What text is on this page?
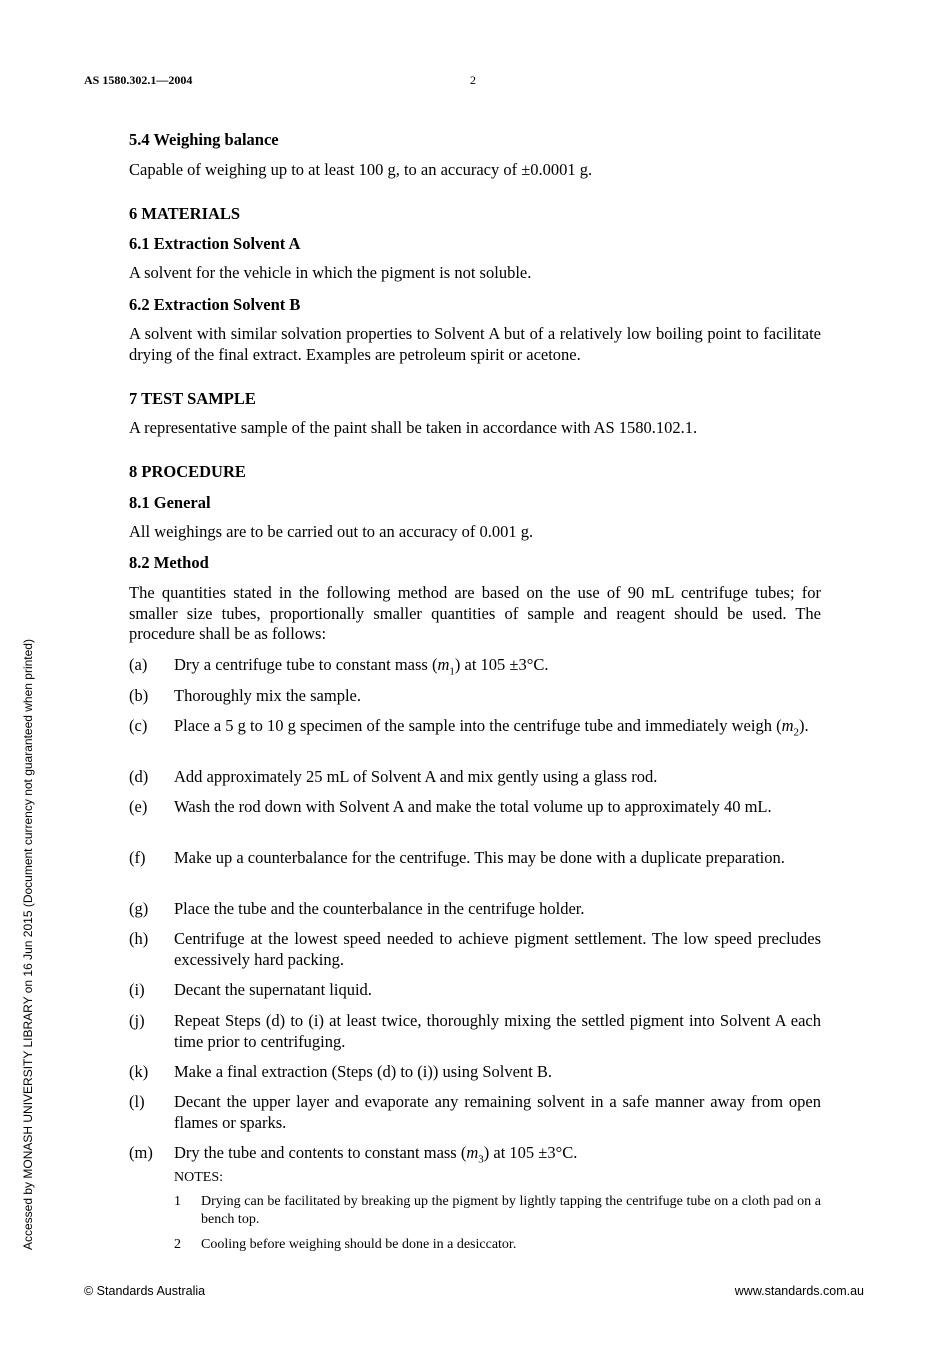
AS 1580.302.1—2004	2
5.4 Weighing balance
Capable of weighing up to at least 100 g, to an accuracy of ±0.0001 g.
6 MATERIALS
6.1 Extraction Solvent A
A solvent for the vehicle in which the pigment is not soluble.
6.2 Extraction Solvent B
A solvent with similar solvation properties to Solvent A but of a relatively low boiling point to facilitate drying of the final extract. Examples are petroleum spirit or acetone.
7 TEST SAMPLE
A representative sample of the paint shall be taken in accordance with AS 1580.102.1.
8 PROCEDURE
8.1 General
All weighings are to be carried out to an accuracy of 0.001 g.
8.2 Method
The quantities stated in the following method are based on the use of 90 mL centrifuge tubes; for smaller size tubes, proportionally smaller quantities of sample and reagent should be used. The procedure shall be as follows:
(a) Dry a centrifuge tube to constant mass $(m_1)$ at 105 ±3°C.
(b) Thoroughly mix the sample.
(c) Place a 5 g to 10 g specimen of the sample into the centrifuge tube and immediately weigh $(m_2)$.
(d) Add approximately 25 mL of Solvent A and mix gently using a glass rod.
(e) Wash the rod down with Solvent A and make the total volume up to approximately 40 mL.
(f) Make up a counterbalance for the centrifuge. This may be done with a duplicate preparation.
(g) Place the tube and the counterbalance in the centrifuge holder.
(h) Centrifuge at the lowest speed needed to achieve pigment settlement. The low speed precludes excessively hard packing.
(i) Decant the supernatant liquid.
(j) Repeat Steps (d) to (i) at least twice, thoroughly mixing the settled pigment into Solvent A each time prior to centrifuging.
(k) Make a final extraction (Steps (d) to (i)) using Solvent B.
(l) Decant the upper layer and evaporate any remaining solvent in a safe manner away from open flames or sparks.
(m) Dry the tube and contents to constant mass $(m_3)$ at 105 ±3°C.
NOTES:
1 Drying can be facilitated by breaking up the pigment by lightly tapping the centrifuge tube on a cloth pad on a bench top.
2 Cooling before weighing should be done in a desiccator.
Accessed by MONASH UNIVERSITY LIBRARY on 16 Jun 2015 (Document currency not guaranteed when printed)
© Standards Australia	www.standards.com.au
